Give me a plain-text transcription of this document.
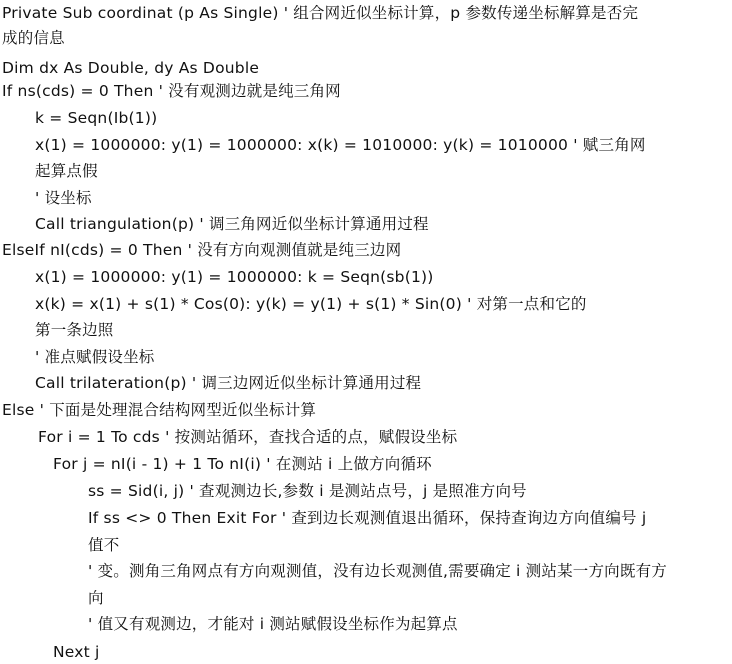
Private Sub coordinat (p As Single) ' 组合网近似坐标计算，p 参数传递坐标解算是否完
成的信息
Dim dx As Double, dy As Double
If ns(cds) = 0 Then ' 没有观测边就是纯三角网
k = Seqn(Ib(1))
x(1) = 1000000: y(1) = 1000000: x(k) = 1010000: y(k) = 1010000 ' 赋三角网
起算点假
' 设坐标
Call triangulation(p) ' 调三角网近似坐标计算通用过程
ElseIf nI(cds) = 0 Then ' 没有方向观测值就是纯三边网
x(1) = 1000000: y(1) = 1000000: k = Seqn(sb(1))
x(k) = x(1) + s(1) * Cos(0): y(k) = y(1) + s(1) * Sin(0) ' 对第一点和它的
第一条边照
' 准点赋假设坐标
Call trilateration(p) ' 调三边网近似坐标计算通用过程
Else ' 下面是处理混合结构网型近似坐标计算
For i = 1 To cds ' 按测站循环，查找合适的点，赋假设坐标
For j = nI(i - 1) + 1 To nI(i) ' 在测站 i 上做方向循环
ss = Sid(i, j) ' 查观测边长,参数 i 是测站点号，j 是照准方向号
If ss <> 0 Then Exit For ' 查到边长观测值退出循环，保持查询边方向值编号 j
值不
' 变。测角三角网点有方向观测值，没有边长观测值,需要确定 i 测站某一方向既有方
向
' 值又有观测边，才能对 i 测站赋假设坐标作为起算点
Next j
